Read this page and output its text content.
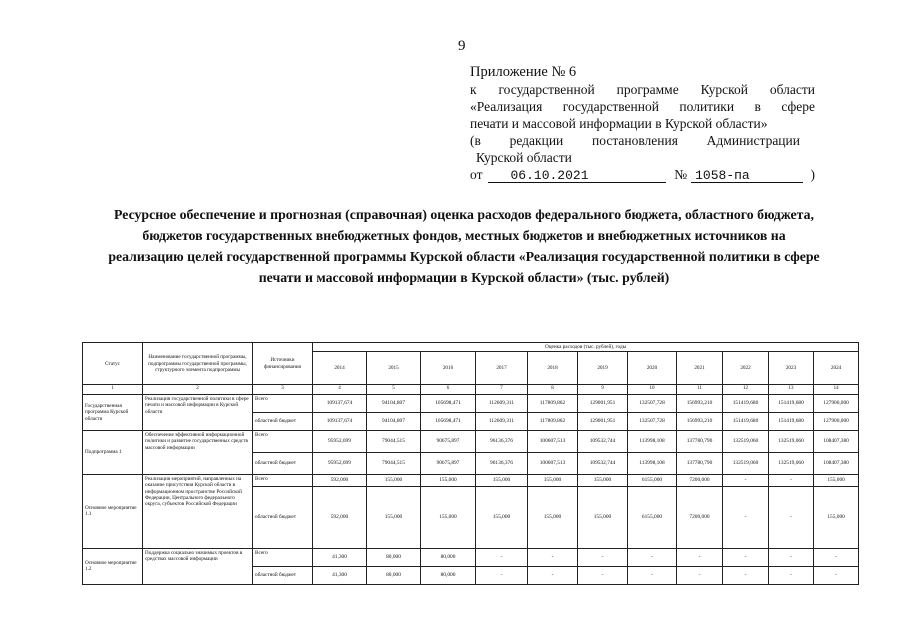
9
Приложение № 6
к государственной программе Курской области
«Реализация государственной политики в сфере
печати и массовой информации в Курской области»
(в редакции постановления Администрации
Курской области
от	06.10.2021	№ 1058-па	)
Ресурсное обеспечение и прогнозная (справочная) оценка расходов федерального бюджета, областного бюджета, бюджетов государственных внебюджетных фондов, местных бюджетов и внебюджетных источников на реализацию целей государственной программы Курской области «Реализация государственной политики в сфере печати и массовой информации в Курской области» (тыс. рублей)
Статус	Наименование государственной программы, подпрограммы государственной программы, структурного элемента подпрограммы	Источники финансирования	Оценка расходов (тыс. рублей), годы										
			2014	2015	2016	2017	2018	2019	2020	2021	2022	2023	2024
1	2	3	4	5	6	7	8	9	10	11	12	13	14
Государственная программа Курской области	Реализация государственной политики в сфере печати и массовой информации в Курской области	Всего	109137,674	94104,807	105698,471	112609,311	117809,862	129001,951	132507,728	156993,210	151419,680	151419,680	127900,000
		областной бюджет	109137,674	94104,807	105698,471	112609,311	117809,862	129001,951	132507,728	156993,210	151419,680	151419,680	127900,000
Подпрограмма 1	Обеспечение эффективной информационной политики и развитие государственных средств массовой информации	Всего	95952,699	79044,515	90675,897	96136,376	100607,513	109532,744	113998,108	137780,790	132519,060	132519,060	108407,380
		областной бюджет	95952,699	79044,515	90675,897	96136,376	100607,513	109532,744	113998,108	137780,790	132519,060	132519,060	108407,380
Основное мероприятие 1.1	Реализация мероприятий, направленных на оказание присутствия Курской области в информационном пространстве Российской Федерации, Центрального федерального округа, субъектов Российской Федерации	Всего	592,000	155,000	155,000	155,000	155,000	155,000	6155,000	7200,000	-	-	155,000
		областной бюджет	592,000	155,000	155,000	155,000	155,000	155,000	6155,000	7200,000	-	-	155,000
Основное мероприятие 1.2	Поддержка социально значимых проектов в средствах массовой информации	Всего	41,300	80,000	80,000	-	-	-	-	-	-	-	-
		областной бюджет	41,300	80,000	80,000	-	-	-	-	-	-	-	-
